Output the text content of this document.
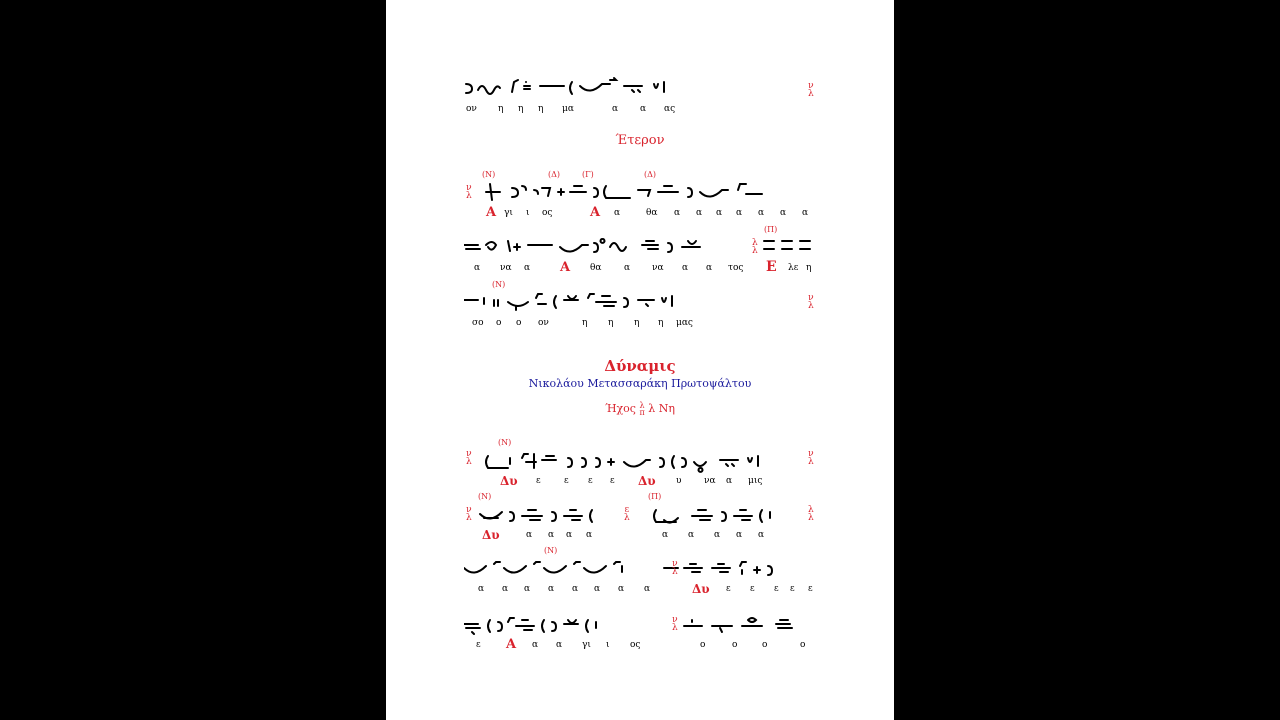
ον η η η μα	α α ας
ν
λ
Έτερον
(Ν)	(Δ)	(Γ)	(Δ)
ν
λ
Α γι ι ος	Α α	θα α α α α α α α
(Π)
λ
λ
α να α Α θα	α να α α τος Ε λε η
(Ν)
ν
λ
σο ο ο ον	η η η η μας
Δύναμις
Νικολάου Μετασσαράκη Πρωτοψάλτου
Ήχος λ
π λ Νη
(Ν)
ν
λ
ν
λ
Δυ ε	ε ε ε Δυ υ	να α μις
(Ν)	(Π)
ν
λ
ε
λ
λ
λ
Δυ	α α α α	α α α α α
(Ν)
ν
λ
α α α α α α α α	Δυ ε ε ε ε ε
ν
λ
ε Α α α γι ι ος	ο	ο	ο	ο
